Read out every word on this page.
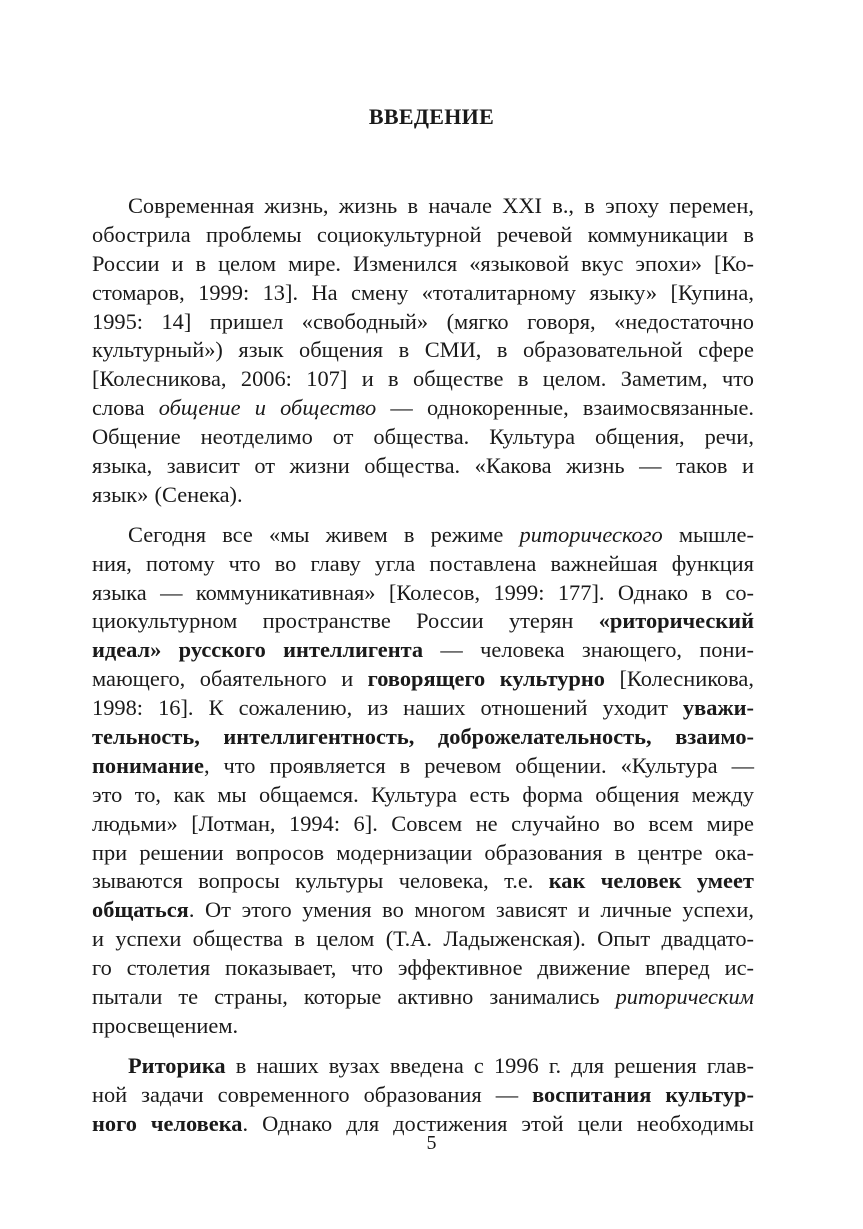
ВВЕДЕНИЕ
Современная жизнь, жизнь в начале XXI в., в эпоху перемен,
обострила проблемы социокультурной речевой коммуникации в
России и в целом мире. Изменился «языковой вкус эпохи» [Ко-
стомаров, 1999: 13]. На смену «тоталитарному языку» [Купина,
1995: 14] пришел «свободный» (мягко говоря, «недостаточно
культурный») язык общения в СМИ, в образовательной сфере
[Колесникова, 2006: 107] и в обществе в целом. Заметим, что
слова общение и общество — однокоренные, взаимосвязанные.
Общение неотделимо от общества. Культура общения, речи,
языка, зависит от жизни общества. «Какова жизнь — таков и
язык» (Сенека).
Сегодня все «мы живем в режиме риторического мышле-
ния, потому что во главу угла поставлена важнейшая функция
языка — коммуникативная» [Колесов, 1999: 177]. Однако в со-
циокультурном пространстве России утерян «риторический
идеал» русского интеллигента — человека знающего, пони-
мающего, обаятельного и говорящего культурно [Колесникова,
1998: 16]. К сожалению, из наших отношений уходит уважи-
тельность, интеллигентность, доброжелательность, взаимо-
понимание, что проявляется в речевом общении. «Культура —
это то, как мы общаемся. Культура есть форма общения между
людьми» [Лотман, 1994: 6]. Совсем не случайно во всем мире
при решении вопросов модернизации образования в центре ока-
зываются вопросы культуры человека, т.е. как человек умеет
общаться. От этого умения во многом зависят и личные успехи,
и успехи общества в целом (Т.А. Ладыженская). Опыт двадцато-
го столетия показывает, что эффективное движение вперед ис-
пытали те страны, которые активно занимались риторическим
просвещением.
Риторика в наших вузах введена с 1996 г. для решения глав-
ной задачи современного образования — воспитания культур-
ного человека. Однако для достижения этой цели необходимы
5
